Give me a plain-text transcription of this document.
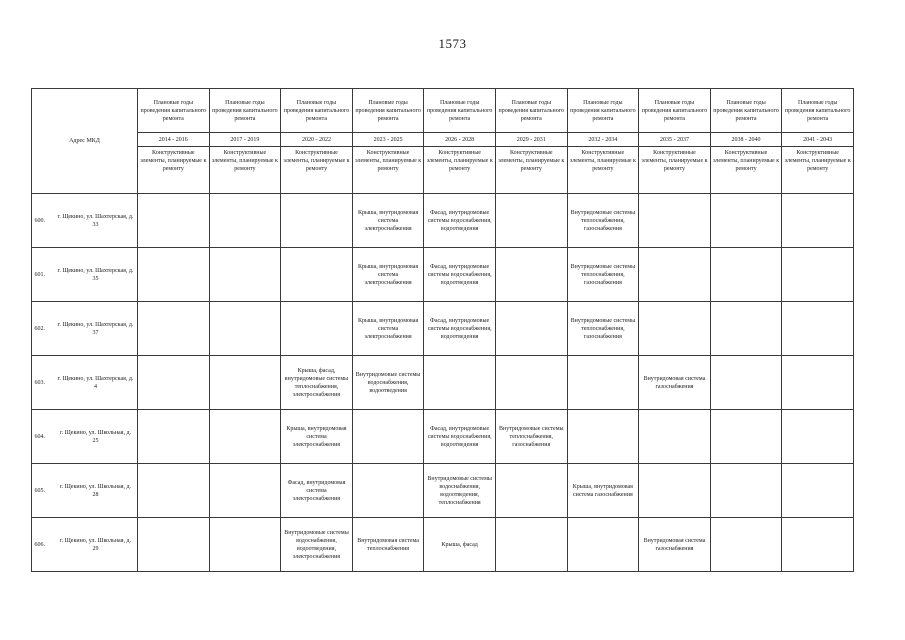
1573
Адрес МКД	Плановые годы проведения капитального ремонта	Плановые годы проведения капитального ремонта	Плановые годы проведения капитального ремонта	Плановые годы проведения капитального ремонта	Плановые годы проведения капитального ремонта	Плановые годы проведения капитального ремонта	Плановые годы проведения капитального ремонта	Плановые годы проведения капитального ремонта	Плановые годы проведения капитального ремонта	Плановые годы проведения капитального ремонта
	2014 - 2016	2017 - 2019	2020 - 2022	2023 - 2025	2026 - 2028	2029 - 2031	2032 - 2034	2035 - 2037	2038 - 2040	2041 - 2043
	Конструктивные элементы, планируемые к ремонту	Конструктивные элементы, планируемые к ремонту	Конструктивные элементы, планируемые к ремонту	Конструктивные элементы, планируемые к ремонту	Конструктивные элементы, планируемые к ремонту	Конструктивные элементы, планируемые к ремонту	Конструктивные элементы, планируемые к ремонту	Конструктивные элементы, планируемые к ремонту	Конструктивные элементы, планируемые к ремонту	Конструктивные элементы, планируемые к ремонту
600.г. Щекино, ул. Шахтерская, д. 33				Крыша, внутридомовая система электроснабжения	Фасад, внутридомовые системы водоснабжения, водоотведения		Внутридомовые системы теплоснабжения, газоснабжения			
601.г. Щекино, ул. Шахтерская, д. 35				Крыша, внутридомовая система электроснабжения	Фасад, внутридомовые системы водоснабжения, водоотведения		Внутридомовые системы теплоснабжения, газоснабжения			
602.г. Щекино, ул. Шахтерская, д. 37				Крыша, внутридомовая система электроснабжения	Фасад, внутридомовые системы водоснабжения, водоотведения		Внутридомовые системы теплоснабжения, газоснабжения			
603.г. Щекино, ул. Шахтерская, д. 4			Крыша, фасад, внутридомовые системы теплоснабжения, электроснабжения	Внутридомовые системы водоснабжения, водоотведения				Внутридомовая система газоснабжения		
604.г. Щекино, ул. Школьная, д. 25			Крыша, внутридомовая система электроснабжения		Фасад, внутридомовые системы водоснабжения, водоотведения	Внутридомовые системы теплоснабжения, газоснабжения				
605.г. Щекино, ул. Школьная, д. 28			Фасад, внутридомовая система электроснабжения		Внутридомовые системы водоснабжения, водоотведения, теплоснабжения		Крыша, внутридомовая система газоснабжения			
606.г. Щекино, ул. Школьная, д. 29			Внутридомовые системы водоснабжения, водоотведения, электроснабжения	Внутридомовая система теплоснабжения	Крыша, фасад			Внутридомовая система газоснабжения		
